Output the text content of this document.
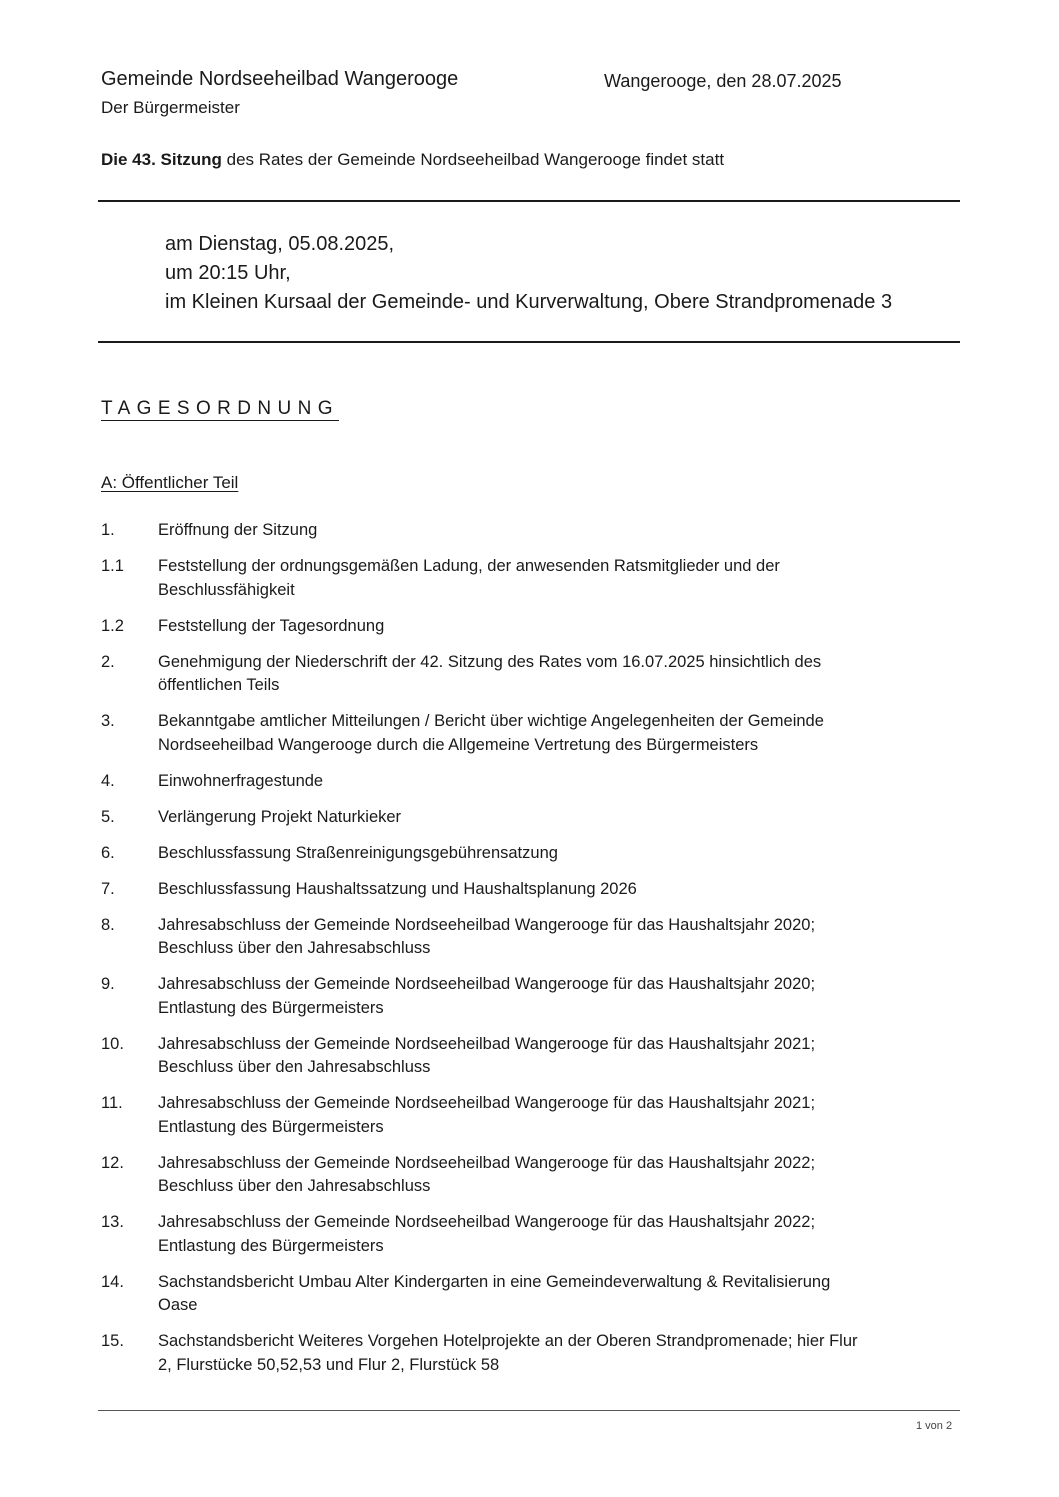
Gemeinde Nordseeheilbad Wangerooge	Wangerooge, den 28.07.2025
Der Bürgermeister
Die 43. Sitzung des Rates der Gemeinde Nordseeheilbad Wangerooge findet statt
am Dienstag, 05.08.2025,
um 20:15 Uhr,
im Kleinen Kursaal der Gemeinde- und Kurverwaltung, Obere Strandpromenade 3
TAGESORDNUNG
A: Öffentlicher Teil
1.	Eröffnung der Sitzung
1.1	Feststellung der ordnungsgemäßen Ladung, der anwesenden Ratsmitglieder und der
Beschlussfähigkeit
1.2	Feststellung der Tagesordnung
2.	Genehmigung der Niederschrift der 42. Sitzung des Rates vom 16.07.2025 hinsichtlich des
öffentlichen Teils
3.	Bekanntgabe amtlicher Mitteilungen / Bericht über wichtige Angelegenheiten der Gemeinde
Nordseeheilbad Wangerooge durch die Allgemeine Vertretung des Bürgermeisters
4.	Einwohnerfragestunde
5.	Verlängerung Projekt Naturkieker
6.	Beschlussfassung Straßenreinigungsgebührensatzung
7.	Beschlussfassung Haushaltssatzung und Haushaltsplanung 2026
8.	Jahresabschluss der Gemeinde Nordseeheilbad Wangerooge für das Haushaltsjahr 2020;
Beschluss über den Jahresabschluss
9.	Jahresabschluss der Gemeinde Nordseeheilbad Wangerooge für das Haushaltsjahr 2020;
Entlastung des Bürgermeisters
10.	Jahresabschluss der Gemeinde Nordseeheilbad Wangerooge für das Haushaltsjahr 2021;
Beschluss über den Jahresabschluss
11.	Jahresabschluss der Gemeinde Nordseeheilbad Wangerooge für das Haushaltsjahr 2021;
Entlastung des Bürgermeisters
12.	Jahresabschluss der Gemeinde Nordseeheilbad Wangerooge für das Haushaltsjahr 2022;
Beschluss über den Jahresabschluss
13.	Jahresabschluss der Gemeinde Nordseeheilbad Wangerooge für das Haushaltsjahr 2022;
Entlastung des Bürgermeisters
14.	Sachstandsbericht Umbau Alter Kindergarten in eine Gemeindeverwaltung & Revitalisierung
Oase
15.	Sachstandsbericht Weiteres Vorgehen Hotelprojekte an der Oberen Strandpromenade; hier Flur
2, Flurstücke 50,52,53 und Flur 2, Flurstück 58
1 von 2
